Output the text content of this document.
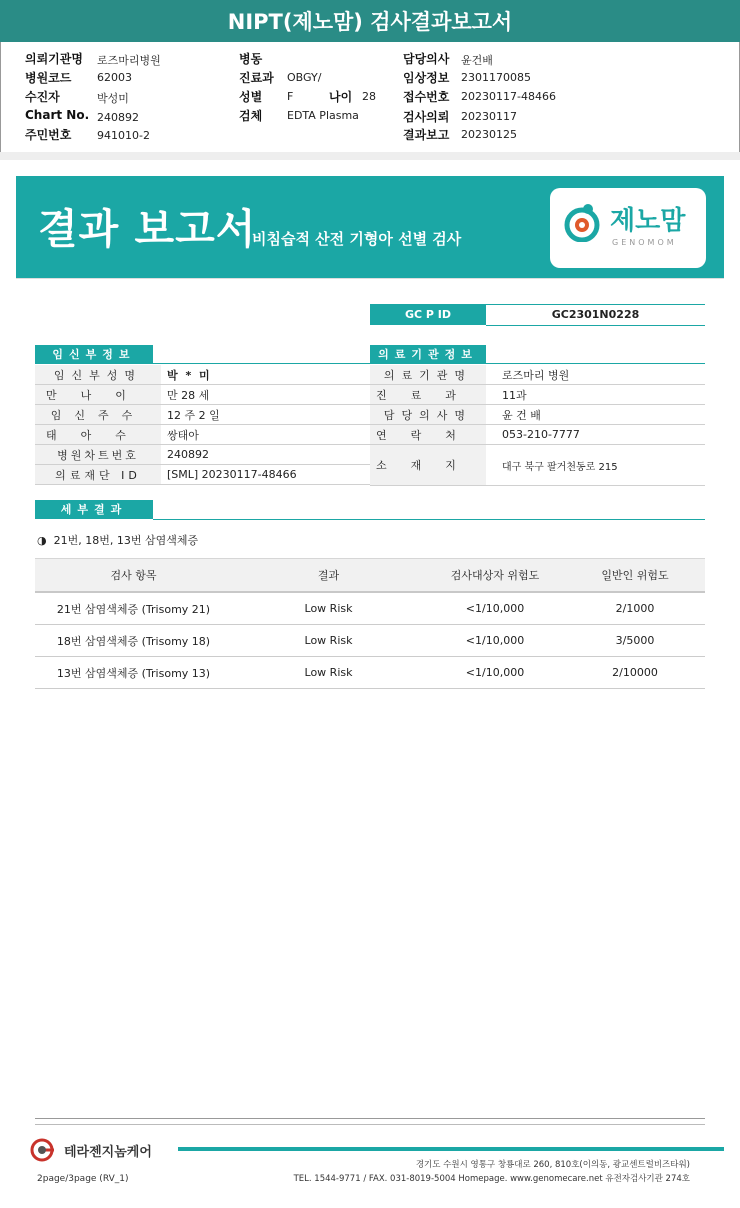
NIPT(제노맘) 검사결과보고서
의뢰기관명 로즈마리병원
병원코드 62003
수진자	박성미
Chart No. 240892
주민번호 941010-2
병동
진료과 OBGY/
성별 F	나이 28
검체 EDTA Plasma
담당의사 윤건배
임상정보 2301170085
접수번호 20230117-48466
검사의뢰 20230117
결과보고 20230125
결과 보고서
비침습적 산전 기형아 선별 검사
제노맘
GENOMOM
GC P ID	GC2301N0228
임신부정보
임신부성명	박 * 미
만나이	만 28 세
임신주수	12 주 2 일
태아수	쌍태아
병원차트번호	240892
의료재단 ID	[SML] 20230117-48466
의료기관정보
의료기관명	로즈마리 병원
진료과	11과
담당의사명	윤 건 배
연락처	053-210-7777
소재지	대구 북구 팔거천동로 215
세부결과
◑ 21번, 18번, 13번 삼염색체증
검사 항목	결과	검사대상자 위험도	일반인 위험도
21번 삼염색체증 (Trisomy 21)	Low Risk	<1/10,000	2/1000
18번 삼염색체증 (Trisomy 18)	Low Risk	<1/10,000	3/5000
13번 삼염색체증 (Trisomy 13)	Low Risk	<1/10,000	2/10000
테라젠지놈케어
2page/3page (RV_1)
경기도 수원시 영통구 창룡대로 260, 810호(이의동, 광교센트럴비즈타워)
TEL. 1544-9771 / FAX. 031-8019-5004 Homepage. www.genomecare.net 유전자검사기관 274호
